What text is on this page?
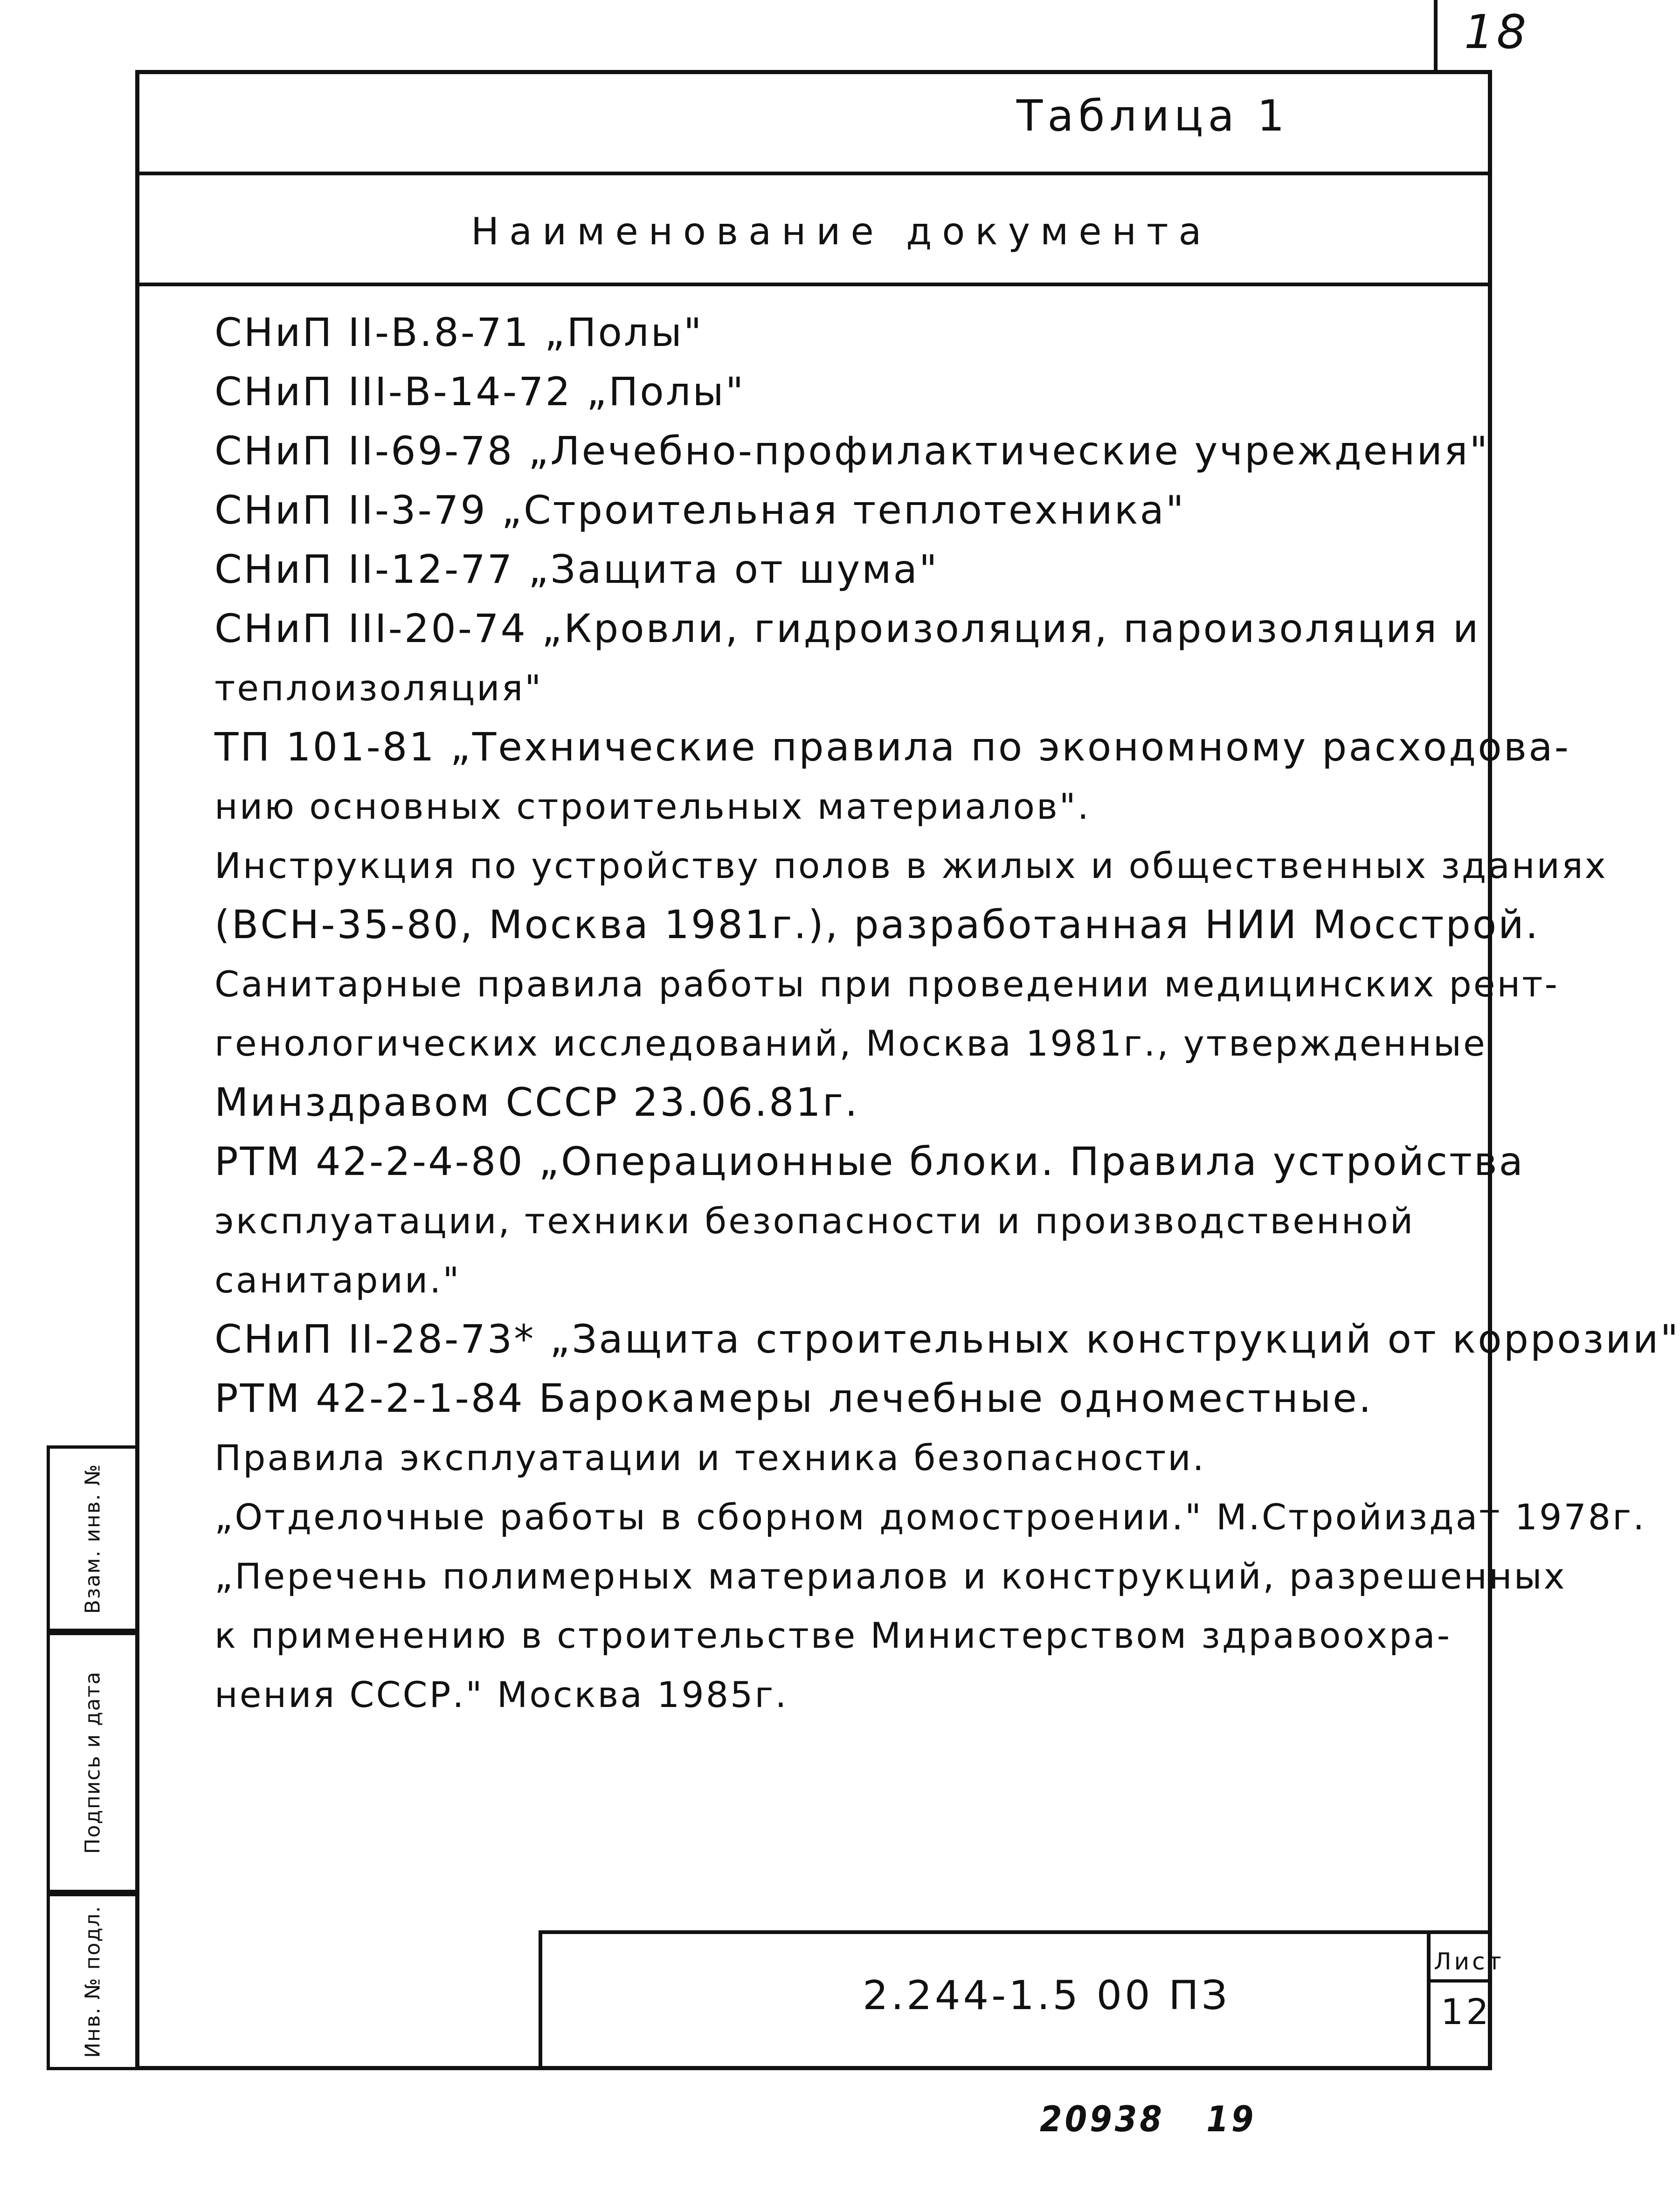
18
Таблица 1
Наименование документа
СНиП II-В.8-71 „Полы"
СНиП III-В-14-72 „Полы"
СНиП II-69-78 „Лечебно-профилактические учреждения"
СНиП II-3-79 „Строительная теплотехника"
СНиП II-12-77 „Защита от шума"
СНиП III-20-74 „Кровли, гидроизоляция, пароизоляция и
теплоизоляция"
ТП 101-81 „Технические правила по экономному расходова-
нию основных строительных материалов".
Инструкция по устройству полов в жилых и общественных зданиях
(ВСН-35-80, Москва 1981г.), разработанная НИИ Мосстрой.
Санитарные правила работы при проведении медицинских рент-
генологических исследований, Москва 1981г., утвержденные
Минздравом СССР 23.06.81г.
РТМ 42-2-4-80 „Операционные блоки. Правила устройства
эксплуатации, техники безопасности и производственной
санитарии."
СНиП II-28-73* „Защита строительных конструкций от коррозии"
РТМ 42-2-1-84 Барокамеры лечебные одноместные.
Правила эксплуатации и техника безопасности.
„Отделочные работы в сборном домостроении." М.Стройиздат 1978г.
„Перечень полимерных материалов и конструкций, разрешенных
к применению в строительстве Министерством здравоохра-
нения СССР." Москва 1985г.
Взам. инв. №
Подпись и дата
Инв. № подл.	2.244-1.5 00 ПЗ
Лист
12
20938   19
